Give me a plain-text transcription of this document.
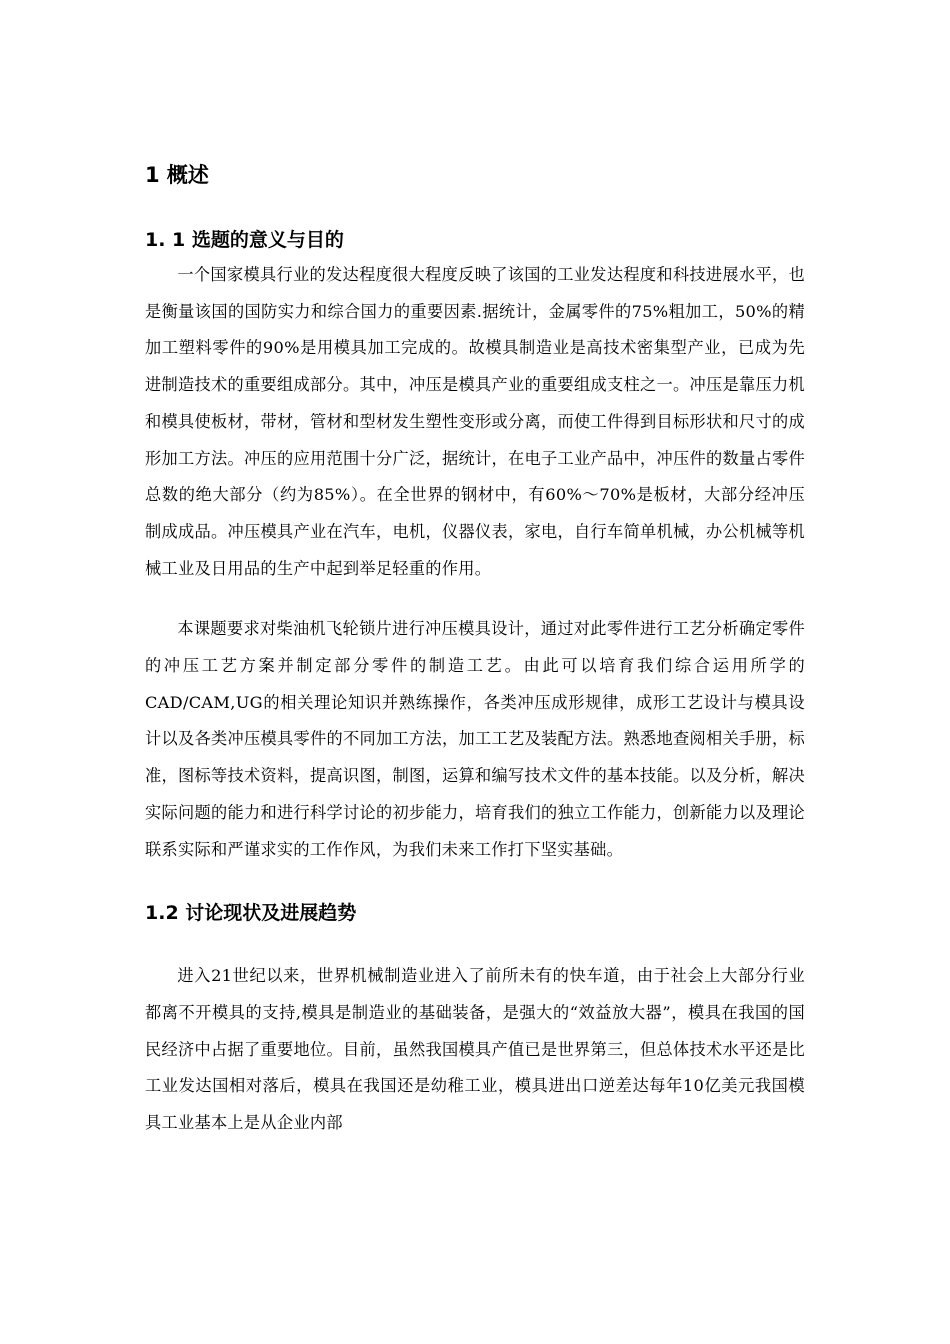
1 概述
1. 1 选题的意义与目的

一个国家模具行业的发达程度很大程度反映了该国的工业发达程度和科技进展水平，也是衡量该国的国防实力和综合国力的重要因素.据统计，金属零件的75%粗加工，50%的精加工塑料零件的90%是用模具加工完成的。故模具制造业是高技术密集型产业，已成为先进制造技术的重要组成部分。其中，冲压是模具产业的重要组成支柱之一。冲压是靠压力机和模具使板材，带材，管材和型材发生塑性变形或分离，而使工件得到目标形状和尺寸的成形加工方法。冲压的应用范围十分广泛，据统计，在电子工业产品中，冲压件的数量占零件总数的绝大部分（约为85%）。在全世界的钢材中，有60%～70%是板材，大部分经冲压制成成品。冲压模具产业在汽车，电机，仪器仪表，家电，自行车简单机械，办公机械等机械工业及日用品的生产中起到举足轻重的作用。

本课题要求对柴油机飞轮锁片进行冲压模具设计，通过对此零件进行工艺分析确定零件的冲压工艺方案并制定部分零件的制造工艺。由此可以培育我们综合运用所学的CAD/CAM,UG的相关理论知识并熟练操作，各类冲压成形规律，成形工艺设计与模具设计以及各类冲压模具零件的不同加工方法，加工工艺及装配方法。熟悉地查阅相关手册，标准，图标等技术资料，提高识图，制图，运算和编写技术文件的基本技能。以及分析，解决实际问题的能力和进行科学讨论的初步能力，培育我们的独立工作能力，创新能力以及理论联系实际和严谨求实的工作作风，为我们未来工作打下坚实基础。

1.2 讨论现状及进展趋势

进入21世纪以来，世界机械制造业进入了前所未有的快车道，由于社会上大部分行业都离不开模具的支持,模具是制造业的基础装备，是强大的“效益放大器”，模具在我国的国民经济中占据了重要地位。目前，虽然我国模具产值已是世界第三，但总体技术水平还是比工业发达国相对落后，模具在我国还是幼稚工业，模具进出口逆差达每年10亿美元我国模具工业基本上是从企业内部
